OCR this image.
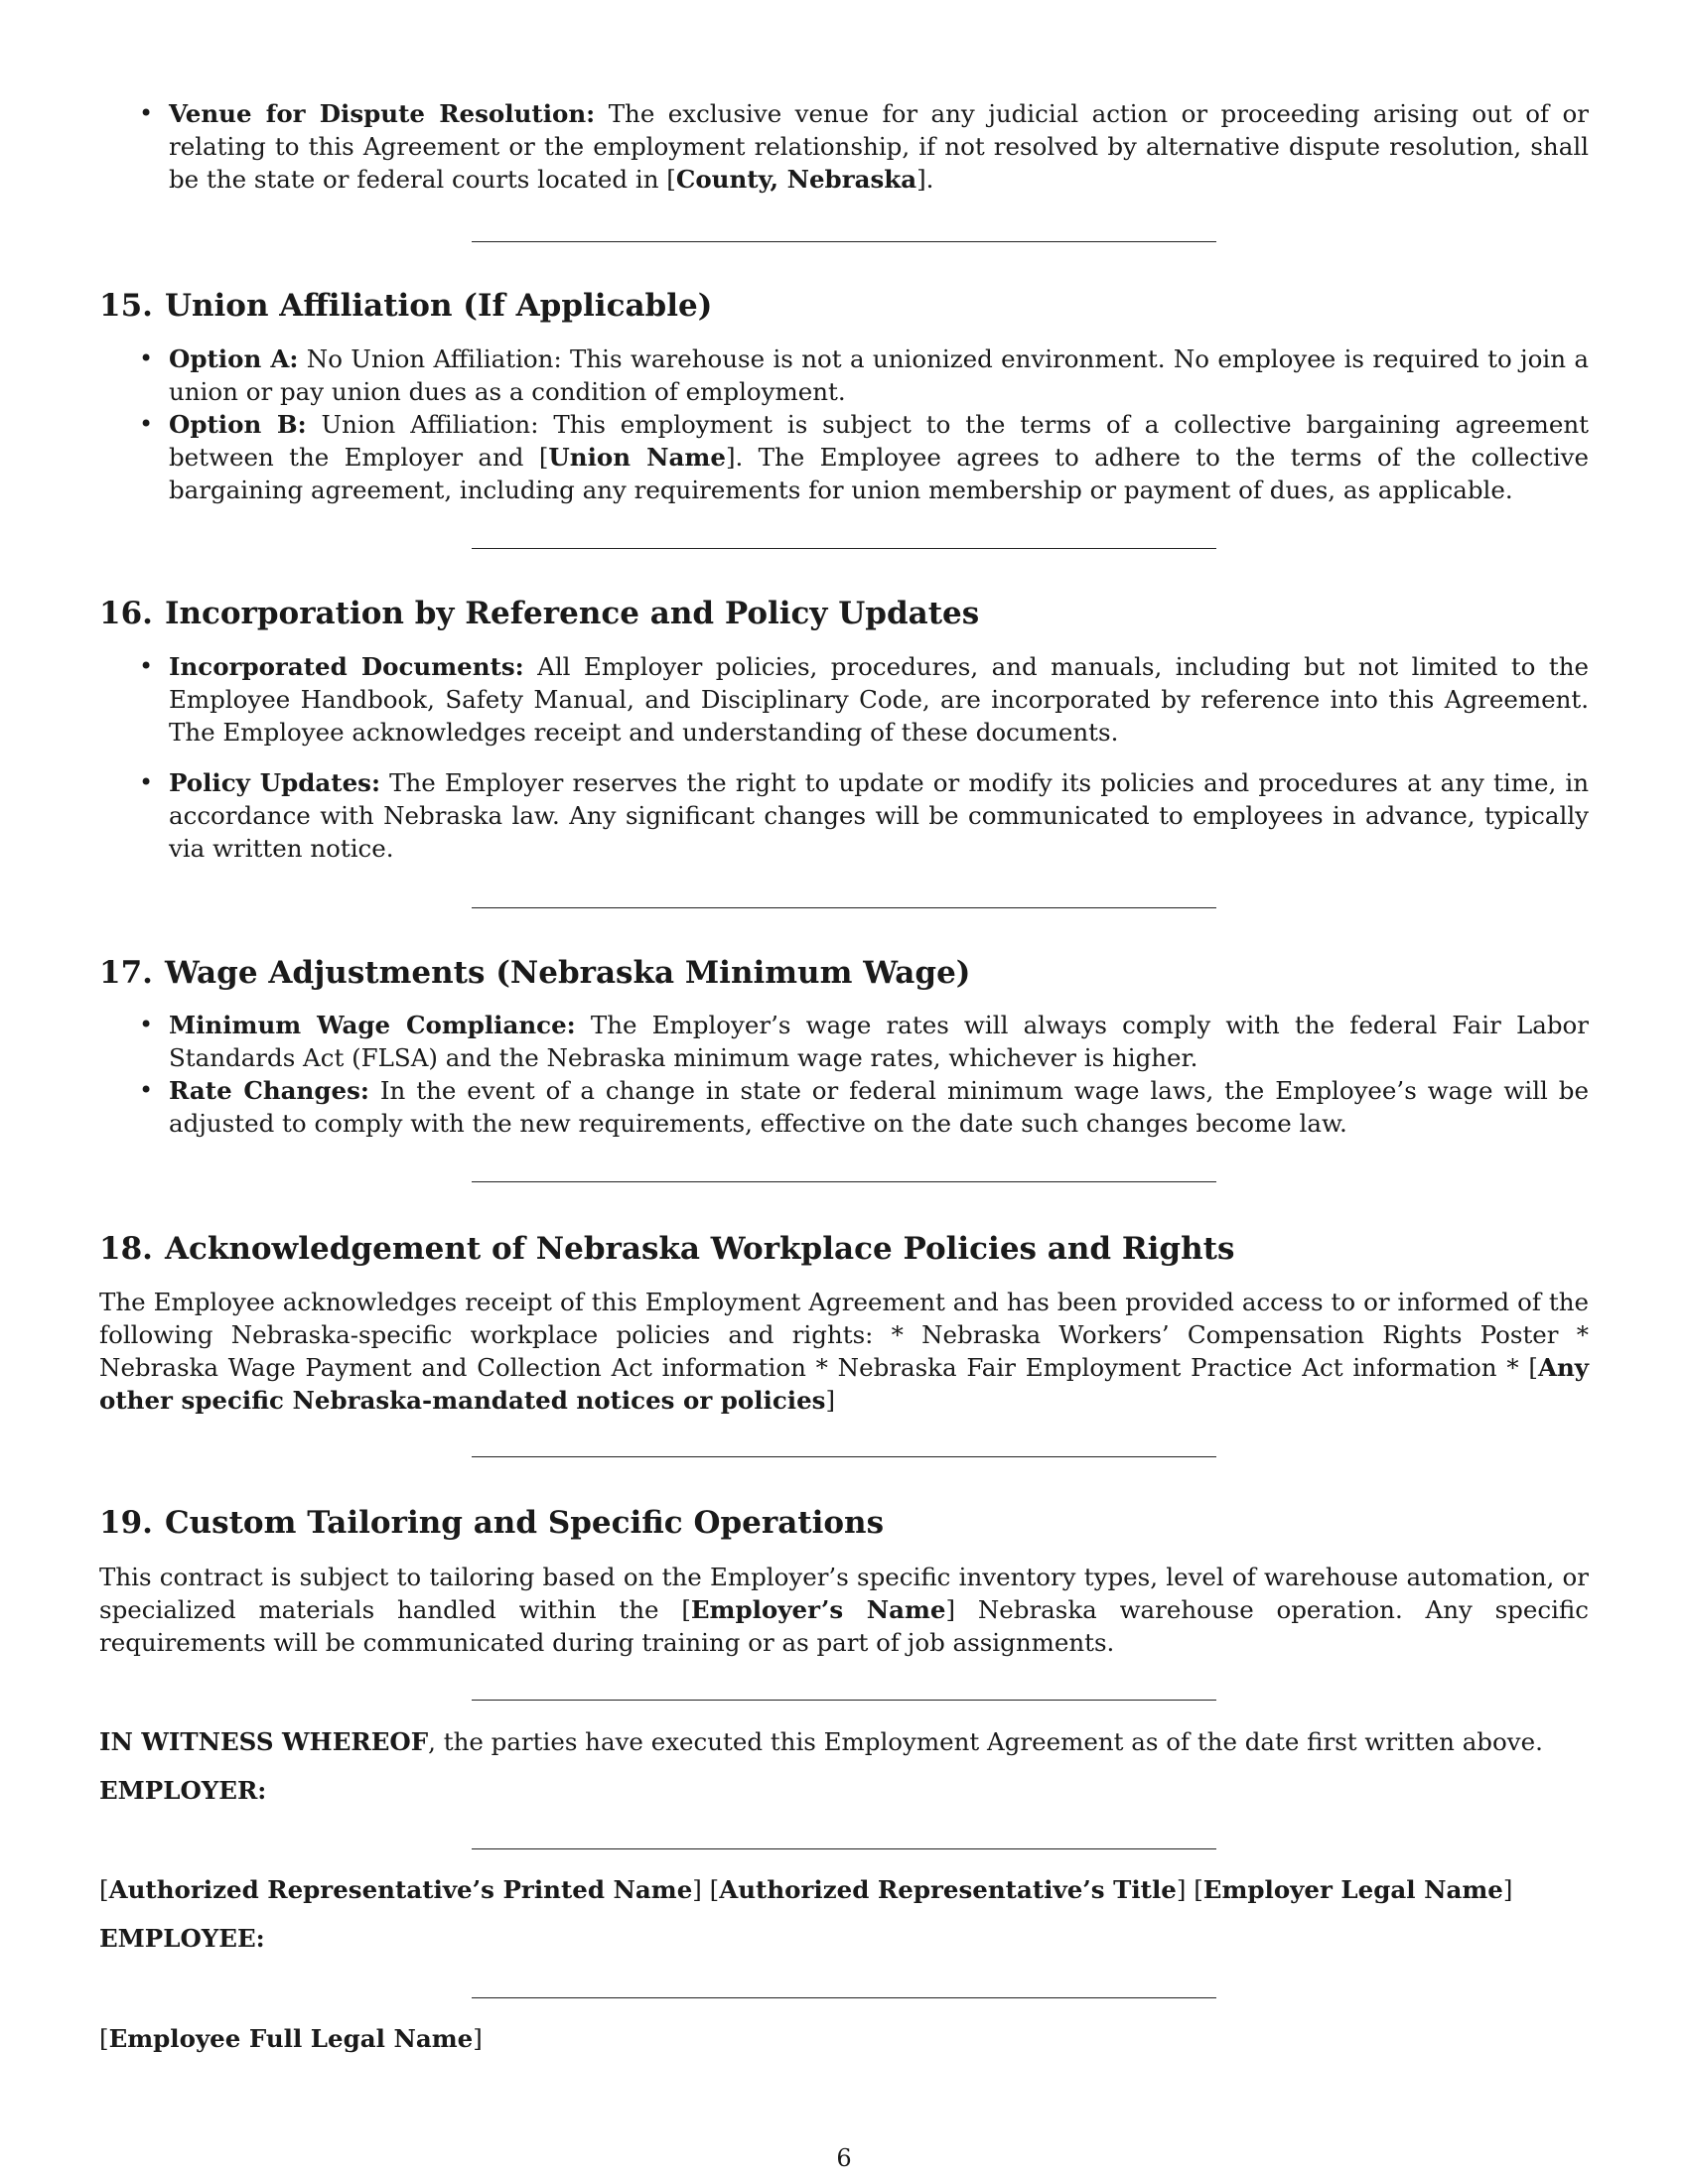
• Venue for Dispute Resolution: The exclusive venue for any judicial action or proceeding arising out of or relating to this Agreement or the employment relationship, if not resolved by alternative dispute resolution, shall be the state or federal courts located in [County, Nebraska].
15. Union Affiliation (If Applicable)
• Option A: No Union Affiliation: This warehouse is not a unionized environment. No employee is required to join a union or pay union dues as a condition of employment.
• Option B: Union Affiliation: This employment is subject to the terms of a collective bargaining agreement between the Employer and [Union Name]. The Employee agrees to adhere to the terms of the collective bargaining agreement, including any requirements for union membership or payment of dues, as applicable.
16. Incorporation by Reference and Policy Updates
• Incorporated Documents: All Employer policies, procedures, and manuals, including but not limited to the Employee Handbook, Safety Manual, and Disciplinary Code, are incorporated by reference into this Agreement. The Employee acknowledges receipt and understanding of these documents.
• Policy Updates: The Employer reserves the right to update or modify its policies and procedures at any time, in accordance with Nebraska law. Any significant changes will be communicated to employees in advance, typically via written notice.
17. Wage Adjustments (Nebraska Minimum Wage)
• Minimum Wage Compliance: The Employer’s wage rates will always comply with the federal Fair Labor Standards Act (FLSA) and the Nebraska minimum wage rates, whichever is higher.
• Rate Changes: In the event of a change in state or federal minimum wage laws, the Employee’s wage will be adjusted to comply with the new requirements, effective on the date such changes become law.
18. Acknowledgement of Nebraska Workplace Policies and Rights
The Employee acknowledges receipt of this Employment Agreement and has been provided access to or informed of the following Nebraska-specific workplace policies and rights: * Nebraska Workers’ Compensation Rights Poster * Nebraska Wage Payment and Collection Act information * Nebraska Fair Employment Practice Act information * [Any other specific Nebraska-mandated notices or policies]
19. Custom Tailoring and Specific Operations
This contract is subject to tailoring based on the Employer’s specific inventory types, level of warehouse automation, or specialized materials handled within the [Employer’s Name] Nebraska warehouse operation. Any specific requirements will be communicated during training or as part of job assignments.
IN WITNESS WHEREOF, the parties have executed this Employment Agreement as of the date first written above.
EMPLOYER:
[Authorized Representative’s Printed Name] [Authorized Representative’s Title] [Employer Legal Name]
EMPLOYEE:
[Employee Full Legal Name]
6
